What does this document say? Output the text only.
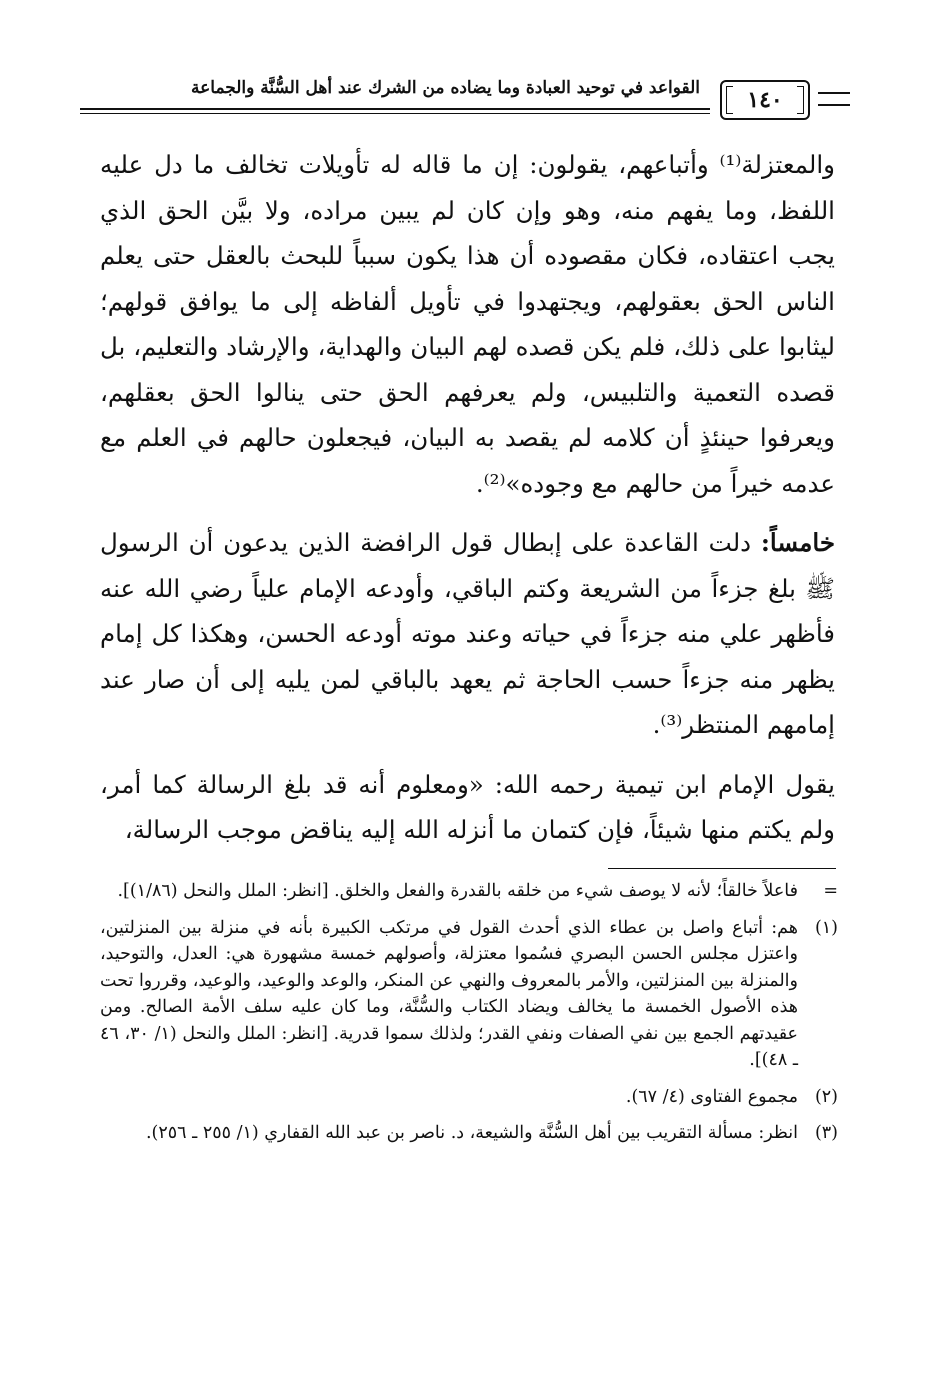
١٤٠
القواعد في توحيد العبادة وما يضاده من الشرك عند أهل السُّنَّة والجماعة

والمعتزلة⁽¹⁾ وأتباعهم، يقولون: إن ما قاله له تأويلات تخالف ما دل عليه اللفظ، وما يفهم منه، وهو وإن كان لم يبين مراده، ولا بيَّن الحق الذي يجب اعتقاده، فكان مقصوده أن هذا يكون سبباً للبحث بالعقل حتى يعلم الناس الحق بعقولهم، ويجتهدوا في تأويل ألفاظه إلى ما يوافق قولهم؛ ليثابوا على ذلك، فلم يكن قصده لهم البيان والهداية، والإرشاد والتعليم، بل قصده التعمية والتلبيس، ولم يعرفهم الحق حتى ينالوا الحق بعقلهم، ويعرفوا حينئذٍ أن كلامه لم يقصد به البيان، فيجعلون حالهم في العلم مع عدمه خيراً من حالهم مع وجوده»⁽²⁾.

خامساً: دلت القاعدة على إبطال قول الرافضة الذين يدعون أن الرسول ﷺ بلغ جزءاً من الشريعة وكتم الباقي، وأودعه الإمام علياً رضي الله عنه فأظهر علي منه جزءاً في حياته وعند موته أودعه الحسن، وهكذا كل إمام يظهر منه جزءاً حسب الحاجة ثم يعهد بالباقي لمن يليه إلى أن صار عند إمامهم المنتظر⁽³⁾.

يقول الإمام ابن تيمية رحمه الله: «ومعلوم أنه قد بلغ الرسالة كما أمر، ولم يكتم منها شيئاً، فإن كتمان ما أنزله الله إليه يناقض موجب الرسالة،

=
فاعلاً خالقاً؛ لأنه لا يوصف شيء من خلقه بالقدرة والفعل والخلق. [انظر: الملل والنحل (١/٨٦)].
(١)
هم: أتباع واصل بن عطاء الذي أحدث القول في مرتكب الكبيرة بأنه في منزلة بين المنزلتين، واعتزل مجلس الحسن البصري فسُموا معتزلة، وأصولهم خمسة مشهورة هي: العدل، والتوحيد، والمنزلة بين المنزلتين، والأمر بالمعروف والنهي عن المنكر، والوعد والوعيد، والوعيد، وقرروا تحت هذه الأصول الخمسة ما يخالف ويضاد الكتاب والسُّنَّة، وما كان عليه سلف الأمة الصالح. ومن عقيدتهم الجمع بين نفي الصفات ونفي القدر؛ ولذلك سموا قدرية. [انظر: الملل والنحل (١/ ٣٠، ٤٦ ـ ٤٨)].
(٢)
مجموع الفتاوى (٤/ ٦٧).
(٣)
انظر: مسألة التقريب بين أهل السُّنَّة والشيعة، د. ناصر بن عبد الله القفاري (١/ ٢٥٥ ـ ٢٥٦).
